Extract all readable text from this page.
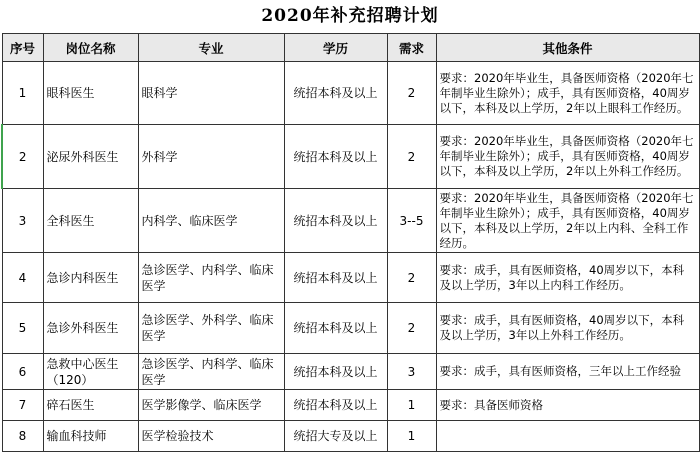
2020年补充招聘计划
序号	岗位名称	专业	学历	需求	其他条件
1	眼科医生	眼科学	统招本科及以上	2	要求：2020年毕业生，具备医师资格（2020年七年制毕业生除外）；成手，具有医师资格，40周岁以下，本科及以上学历，2年以上眼科工作经历。
2	泌尿外科医生	外科学	统招本科及以上	2	要求：2020年毕业生，具备医师资格（2020年七年制毕业生除外）；成手，具有医师资格，40周岁以下，本科及以上学历，2年以上外科工作经历。
3	全科医生	内科学、临床医学	统招本科及以上	3--5	要求：2020年毕业生，具备医师资格（2020年七年制毕业生除外）；成手，具有医师资格，40周岁以下，本科及以上学历，2年以上内科、全科工作经历。
4	急诊内科医生	急诊医学、内科学、临床医学	统招本科及以上	2	要求：成手，具有医师资格，40周岁以下，本科及以上学历，3年以上内科工作经历。
5	急诊外科医生	急诊医学、外科学、临床医学	统招本科及以上	2	要求：成手，具有医师资格，40周岁以下，本科及以上学历，3年以上外科工作经历。
6	急救中心医生（120）	急诊医学、内科学、临床医学	统招本科及以上	3	要求：成手，具有医师资格，三年以上工作经验
7	碎石医生	医学影像学、临床医学	统招本科及以上	1	要求：具备医师资格
8	输血科技师	医学检验技术	统招大专及以上	1	
